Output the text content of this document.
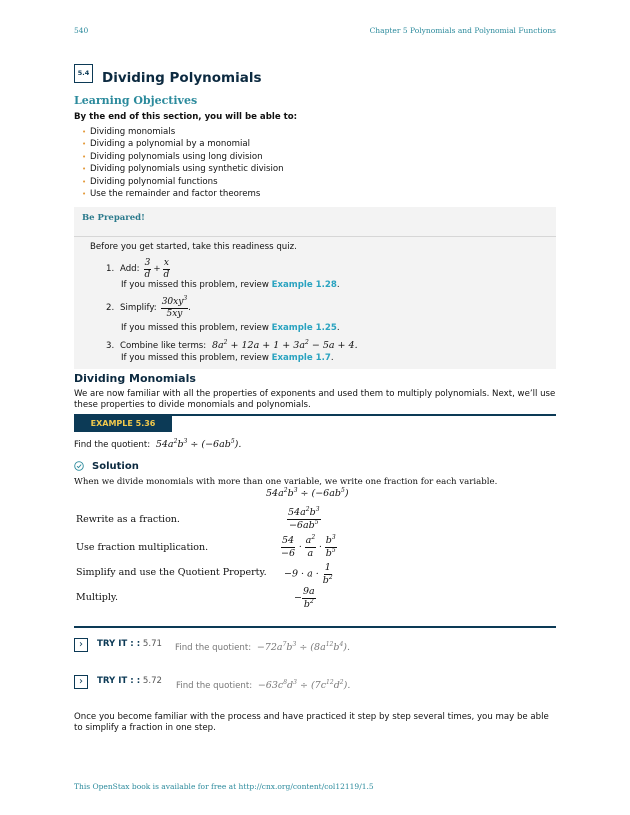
540	Chapter 5 Polynomials and Polynomial Functions
5.4 Dividing Polynomials
Learning Objectives
By the end of this section, you will be able to:
• Dividing monomials
• Dividing a polynomial by a monomial
• Dividing polynomials using long division
• Dividing polynomials using synthetic division
• Dividing polynomial functions
• Use the remainder and factor theorems
Be Prepared!
Before you get started, take this readiness quiz.
1. Add: $\frac{3}{d} + \frac{x}{d}$
If you missed this problem, review Example 1.28.
2. Simplify: $\frac{30xy^3}{5xy}$ .
If you missed this problem, review Example 1.25.
3. Combine like terms:  $8a^2 + 12a + 1 + 3a^2 - 5a + 4$.
If you missed this problem, review Example 1.7.
Dividing Monomials
We are now familiar with all the properties of exponents and used them to multiply polynomials. Next, we’ll use these properties to divide monomials and polynomials.
EXAMPLE 5.36
Find the quotient:  $54a^2b^3 \div (-6ab^5)$.
Solution
When we divide monomials with more than one variable, we write one fraction for each variable.
$54a^2b^3 \div (-6ab^5)$
Rewrite as a fraction.	$\frac{54a^2b^3}{-6ab^5}$
Use fraction multiplication.	$\frac{54}{-6} \cdot \frac{a^2}{a} \cdot \frac{b^3}{b^5}$
Simplify and use the Quotient Property. $-9 \cdot a \cdot \frac{1}{b^2}$
Multiply.	− $\frac{9a}{b^2}$
›	TRY IT : : 5.71 Find the quotient:  $-72a^7b^3 \div (8a^{12}b^4)$.
›	TRY IT : : 5.72 Find the quotient:  $-63c^8d^3 \div (7c^{12}d^2)$.
Once you become familiar with the process and have practiced it step by step several times, you may be able to simplify a fraction in one step.
This OpenStax book is available for free at http://cnx.org/content/col12119/1.5
